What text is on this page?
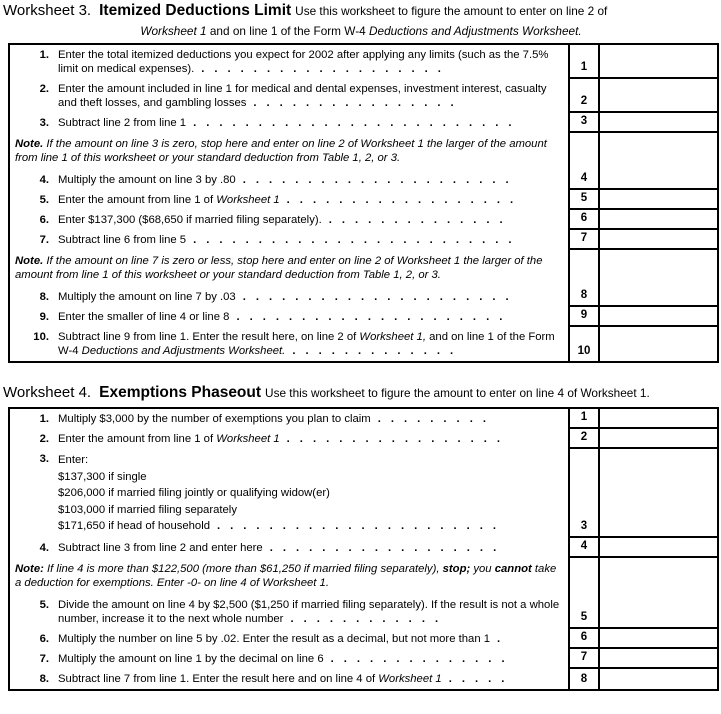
Worksheet 3. Itemized Deductions Limit Use this worksheet to figure the amount to enter on line 2 of
Worksheet 1 and on line 1 of the Form W-4 Deductions and Adjustments Worksheet.
1. Enter the total itemized deductions you expect for 2002 after applying any limits (such as the 7.5% limit on medical expenses). ...................	1
2. Enter the amount included in line 1 for medical and dental expenses, investment interest, casualty and theft losses, and gambling losses ................	2
3. Subtract line 2 from line 1 .........................	3
Note. If the amount on line 3 is zero, stop here and enter on line 2 of Worksheet 1 the larger of the amount from line 1 of this worksheet or your standard deduction from Table 1, 2, or 3.
4. Multiply the amount on line 3 by .80 .....................	4
5. Enter the amount from line 1 of Worksheet 1 ..................	5
6. Enter $137,300 ($68,650 if married filing separately). ..............	6
7. Subtract line 6 from line 5 .........................	7
Note. If the amount on line 7 is zero or less, stop here and enter on line 2 of Worksheet 1 the larger of the amount from line 1 of this worksheet or your standard deduction from Table 1, 2, or 3.
8. Multiply the amount on line 7 by .03 .....................	8
9. Enter the smaller of line 4 or line 8 .....................	9
10. Subtract line 9 from line 1. Enter the result here, on line 2 of Worksheet 1, and on line 1 of the Form W-4 Deductions and Adjustments Worksheet. .............	10
Worksheet 4. Exemptions Phaseout Use this worksheet to figure the amount to enter on line 4 of Worksheet 1.
1. Multiply $3,000 by the number of exemptions you plan to claim .........	1
2. Enter the amount from line 1 of Worksheet 1 .................	2
3. Enter:
$137,300 if single
$206,000 if married filing jointly or qualifying widow(er)
$103,000 if married filing separately
$171,650 if head of household ......................	3
4. Subtract line 3 from line 2 and enter here ..................	4
Note: If line 4 is more than $122,500 (more than $61,250 if married filing separately), stop; you cannot take a deduction for exemptions. Enter -0- on line 4 of Worksheet 1.
5. Divide the amount on line 4 by $2,500 ($1,250 if married filing separately). If the result is not a whole number, increase it to the next whole number ............	5
6. Multiply the number on line 5 by .02. Enter the result as a decimal, but not more than 1 .	6
7. Multiply the amount on line 1 by the decimal on line 6 ..............	7
8. Subtract line 7 from line 1. Enter the result here and on line 4 of Worksheet 1 .....	8
